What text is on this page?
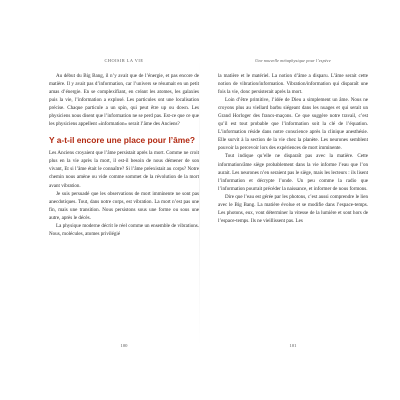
CHOISIR LA VIE

Au début du Big Bang, il n’y avait que de l’énergie, et pas encore de matière. Il y avait pas d’information, car l’univers se résumait en un petit amas d’énergie. En se complexifiant, en créant les atomes, les galaxies puis la vie, l’information a explosé. Les particules ont une localisation précise. Chaque particule a un spin, qui peut être up ou down. Les physiciens nous disent que l’information ne se perd pas. Est-ce que ce que les physiciens appellent «information» serait l’âme des Anciens?

Y a-t-il encore une place pour l’âme?

Les Anciens croyaient que l’âme persistait après la mort. Comme ne croit plus en la vie après la mort, il est-il besoin de nous démener de son vivant, Et si l’âme était le connaître? Si l’âme préexistait au corps? Notre chemin nous amène ou vide comme sommet de la révolution de la mort avant vibration.

Je suis persuadé que les observations de mort imminente ne sont pas anecdotiques. Tout, dans notre corps, est vibration. La mort n’est pas une fin, mais une transition. Nous persistons sous une forme ou sous une autre, après le décès.

La physique moderne décrit le réel comme un ensemble de vibrations. Nous, molécules, atomes privilégié

100
Une nouvelle métaphysique pour l’espèce

la matière et le matériel. La notion d’âme a disparu. L’âme serait cette notion de vibration/information. Vibration/information qui disparaît une fois la vie, donc persisterait après la mort.

Loin d’être primitive, l’idée de Dieu a simplement un âme. Nous ne croyons plus au viellard barbu siégeant dans les nuages et qui serait un Grand Horloger des francs-maçons. Ce que suggère notre travail, c’est qu’il est tout probable que l’information soit la clé de l’équation. L’information réside dans notre conscience après la clinique anesthésie. Elle survit à la section de la vie chez la planète. Les neurones semblent pouvoir la percevoir lors des expériences de mort imminente.

Tout indique qu’elle ne disparaît pas avec la matière. Cette information/âme siège probablement dans la vie informe l’eau que l’on aurait. Les neurones n’en seraient pas le siège, mais les lecteurs : ils lisent l’information et décrypte l’onde. Un peu comme la radio que l’information pourrait précéder la naissance, et informer de nous formons.

Dire que l’eau est gérée par les photons, c’est aussi comprendre le lien avec le Big Bang. La matière évolue et se modifie dans l’espace-temps. Les photons, eux, vont déterminer la vitesse de la lumière et sont hors de l’espace-temps. Ils ne vieillissent pas. Les

101
